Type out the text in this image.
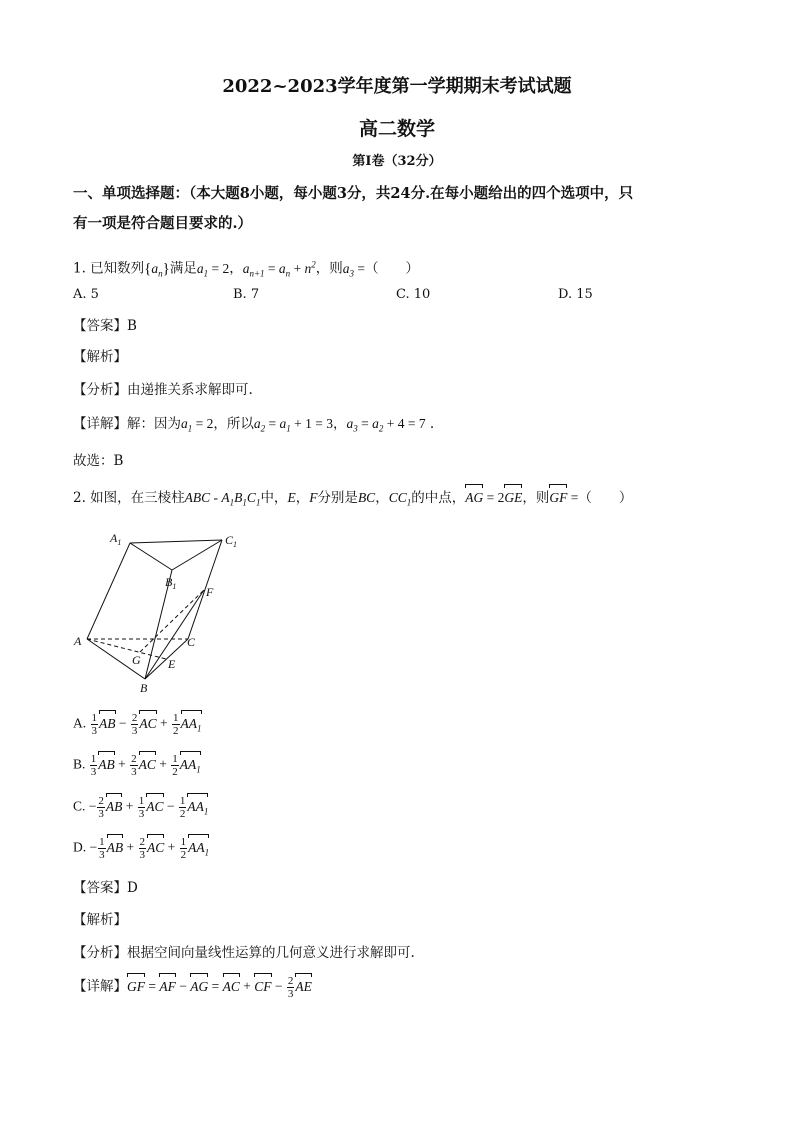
2022~2023学年度第一学期期末考试试题
高二数学
第Ⅰ卷（32分）
一、单项选择题：（本大题8小题，每小题3分，共24分.在每小题给出的四个选项中，只
有一项是符合题目要求的.）
1. 已知数列$\{a_n\}$满足$a_1 = 2$，$a_{n+1} = a_n + n^2$，则$a_3$ =（　　）
A. 5	B. 7	C. 10	D. 15
【答案】B
【解析】
【分析】由递推关系求解即可.
【详解】解：因为$a_1 = 2$，所以$a_2 = a_1 + 1 = 3$，$a_3 = a_2 + 4 = 7$ .
故选：B
2. 如图，在三棱柱ABC - $A_1B_1C_1$中，E，F分别是BC，$CC_1$的中点，AG = 2GE，则GF =（　　）
$A_1$	$C_1$
$B_1$ F
A	C
G E
B
A. $\frac{1}{3}$ AB − $\frac{2}{3}$ AC + $\frac{1}{2} AA_1$
B. $\frac{1}{3}$ AB + $\frac{2}{3}$ AC + $\frac{1}{2} AA_1$
C. − $\frac{2}{3}$ AB + $\frac{1}{3}$ AC − $\frac{1}{2} AA_1$
D. − $\frac{1}{3}$ AB + $\frac{2}{3}$ AC + $\frac{1}{2} AA_1$
【答案】D
【解析】
【分析】根据空间向量线性运算的几何意义进行求解即可.
【详解】GF = AF − AG = AC + CF − $\frac{2}{3}$ AE
